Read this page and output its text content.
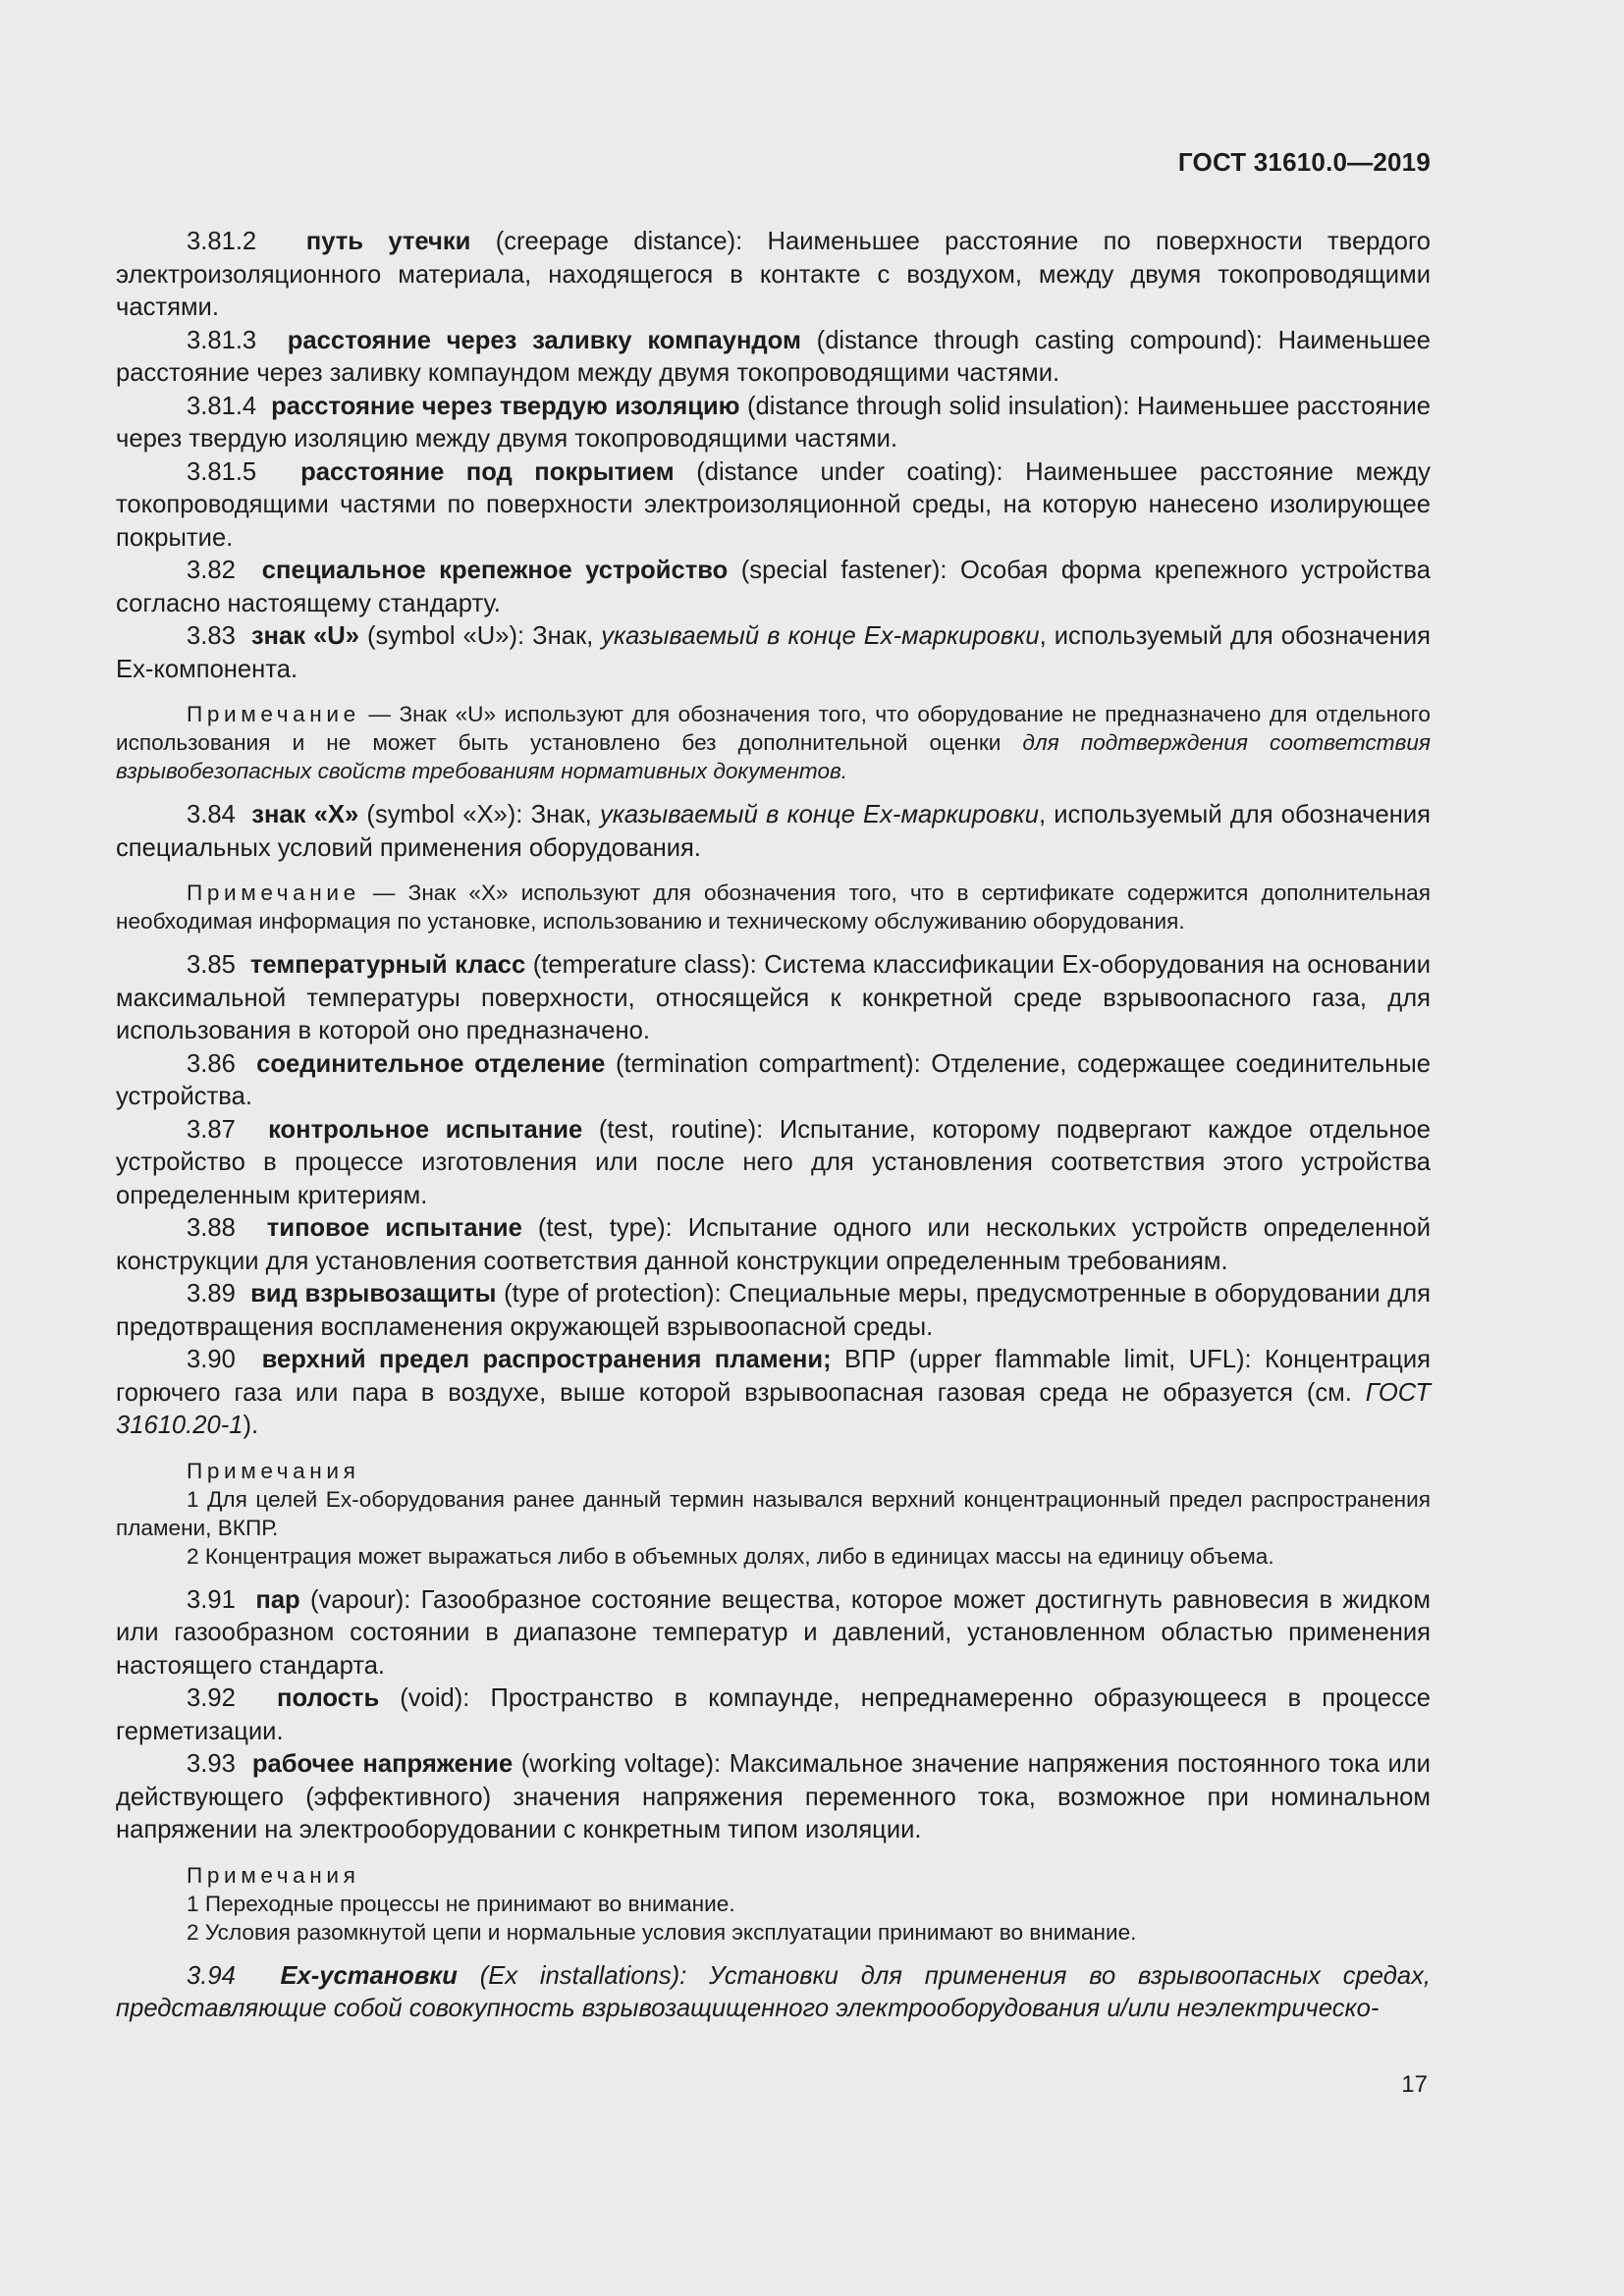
ГОСТ 31610.0—2019

3.81.2 путь утечки (creepage distance): Наименьшее расстояние по поверхности твердого электроизоляционного материала, находящегося в контакте с воздухом, между двумя токопроводящими частями.

3.81.3 расстояние через заливку компаундом (distance through casting compound): Наименьшее расстояние через заливку компаундом между двумя токопроводящими частями.

3.81.4 расстояние через твердую изоляцию (distance through solid insulation): Наименьшее расстояние через твердую изоляцию между двумя токопроводящими частями.

3.81.5 расстояние под покрытием (distance under coating): Наименьшее расстояние между токопроводящими частями по поверхности электроизоляционной среды, на которую нанесено изолирующее покрытие.

3.82 специальное крепежное устройство (special fastener): Особая форма крепежного устройства согласно настоящему стандарту.

3.83 знак «U» (symbol «U»): Знак, указываемый в конце Ex-маркировки, используемый для обозначения Ex-компонента.

Примечание — Знак «U» используют для обозначения того, что оборудование не предназначено для отдельного использования и не может быть установлено без дополнительной оценки для подтверждения соответствия взрывобезопасных свойств требованиям нормативных документов.

3.84 знак «X» (symbol «X»): Знак, указываемый в конце Ex-маркировки, используемый для обозначения специальных условий применения оборудования.

Примечание — Знак «X» используют для обозначения того, что в сертификате содержится дополнительная необходимая информация по установке, использованию и техническому обслуживанию оборудования.

3.85 температурный класс (temperature class): Система классификации Ex-оборудования на основании максимальной температуры поверхности, относящейся к конкретной среде взрывоопасного газа, для использования в которой оно предназначено.

3.86 соединительное отделение (termination compartment): Отделение, содержащее соединительные устройства.

3.87 контрольное испытание (test, routine): Испытание, которому подвергают каждое отдельное устройство в процессе изготовления или после него для установления соответствия этого устройства определенным критериям.

3.88 типовое испытание (test, type): Испытание одного или нескольких устройств определенной конструкции для установления соответствия данной конструкции определенным требованиям.

3.89 вид взрывозащиты (type of protection): Специальные меры, предусмотренные в оборудовании для предотвращения воспламенения окружающей взрывоопасной среды.

3.90 верхний предел распространения пламени; ВПР (upper flammable limit, UFL): Концентрация горючего газа или пара в воздухе, выше которой взрывоопасная газовая среда не образуется (см. ГОСТ 31610.20-1).

Примечания

1 Для целей Ex-оборудования ранее данный термин назывался верхний концентрационный предел распространения пламени, ВКПР.

2 Концентрация может выражаться либо в объемных долях, либо в единицах массы на единицу объема.

3.91 пар (vapour): Газообразное состояние вещества, которое может достигнуть равновесия в жидком или газообразном состоянии в диапазоне температур и давлений, установленном областью применения настоящего стандарта.

3.92 полость (void): Пространство в компаунде, непреднамеренно образующееся в процессе герметизации.

3.93 рабочее напряжение (working voltage): Максимальное значение напряжения постоянного тока или действующего (эффективного) значения напряжения переменного тока, возможное при номинальном напряжении на электрооборудовании с конкретным типом изоляции.

Примечания

1 Переходные процессы не принимают во внимание.

2 Условия разомкнутой цепи и нормальные условия эксплуатации принимают во внимание.

3.94 Ex-установки (Ex installations): Установки для применения во взрывоопасных средах, представляющие собой совокупность взрывозащищенного электрооборудования и/или неэлектрическо-

17
